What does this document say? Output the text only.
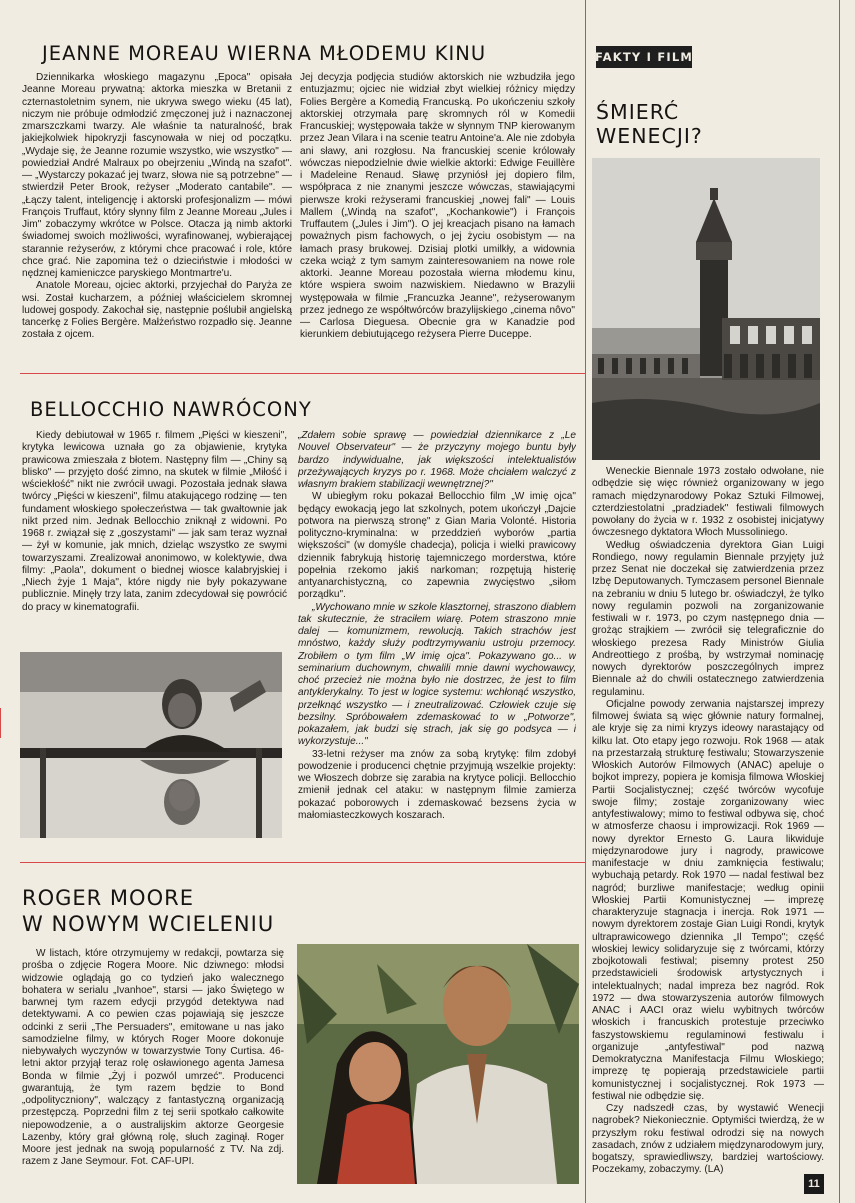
JEANNE MOREAU WIERNA MŁODEMU KINU

Dziennikarka włoskiego magazynu „Epoca" opisała Jeanne Moreau prywatną: aktorka mieszka w Bretanii z czternastoletnim synem, nie ukrywa swego wieku (45 lat), niczym nie próbuje odmłodzić zmęczonej już i naznaczonej zmarszczkami twarzy. Ale właśnie ta naturalność, brak jakiejkolwiek hipokryzji fascynowała w niej od początku. „Wydaje się, że Jeanne rozumie wszystko, wie wszystko" — powiedział André Malraux po obejrzeniu „Windą na szafot". — „Wystarczy pokazać jej twarz, słowa nie są potrzebne" — stwierdził Peter Brook, reżyser „Moderato cantabile". — „Łączy talent, inteligencję i aktorski profesjonalizm — mówi François Truffaut, który słynny film z Jeanne Moreau „Jules i Jim" zobaczymy wkrótce w Polsce. Otacza ją nimb aktorki świadomej swoich możliwości, wyrafinowanej, wybierającej starannie reżyserów, z którymi chce pracować i role, które chce grać. Nie zapomina też o dzieciństwie i młodości w nędznej kamieniczce paryskiego Montmartre'u.

Anatole Moreau, ojciec aktorki, przyjechał do Paryża ze wsi. Został kucharzem, a później właścicielem skromnej ludowej gospody. Zakochał się, następnie poślubił angielską tancerkę z Folies Bergère. Małżeństwo rozpadło się. Jeanne została z ojcem.

Jej decyzja podjęcia studiów aktorskich nie wzbudziła jego entuzjazmu; ojciec nie widział zbyt wielkiej różnicy między Folies Bergère a Komedią Francuską. Po ukończeniu szkoły aktorskiej otrzymała parę skromnych ról w Komedii Francuskiej; występowała także w słynnym TNP kierowanym przez Jean Vilara i na scenie teatru Antoine'a. Ale nie zdobyła ani sławy, ani rozgłosu. Na francuskiej scenie królowały wówczas niepodzielnie dwie wielkie aktorki: Edwige Feuillère i Madeleine Renaud. Sławę przyniósł jej dopiero film, współpraca z nie znanymi jeszcze wówczas, stawiającymi pierwsze kroki reżyserami francuskiej „nowej fali" — Louis Mallem („Windą na szafot", „Kochankowie") i François Truffautem („Jules i Jim"). O jej kreacjach pisano na łamach poważnych pism fachowych, o jej życiu osobistym — na łamach prasy brukowej. Dzisiaj plotki umilkły, a widownia czeka wciąż z tym samym zainteresowaniem na nowe role aktorki. Jeanne Moreau pozostała wierna młodemu kinu, które wspiera swoim nazwiskiem. Niedawno w Brazylii występowała w filmie „Francuzka Jeanne", reżyserowanym przez jednego ze współtwórców brazylijskiego „cinema nôvo" — Carlosa Dieguesa. Obecnie gra w Kanadzie pod kierunkiem debiutującego reżysera Pierre Duceppe.

BELLOCCHIO NAWRÓCONY

Kiedy debiutował w 1965 r. filmem „Pięści w kieszeni", krytyka lewicowa uznała go za objawienie, krytyka prawicowa zmieszała z błotem. Następny film — „Chiny są blisko" — przyjęto dość zimno, na skutek w filmie „Miłość i wściekłość" nikt nie zwrócił uwagi. Pozostała jednak sława twórcy „Pięści w kieszeni", filmu atakującego rodzinę — ten fundament włoskiego społeczeństwa — tak gwałtownie jak nikt przed nim. Jednak Bellocchio zniknął z widowni. Po 1968 r. związał się z „goszystami" — jak sam teraz wyznał — żył w komunie, jak mnich, dzieląc wszystko ze swymi towarzyszami. Zrealizował anonimowo, w kolektywie, dwa filmy: „Paola", dokument o biednej wiosce kalabryjskiej i „Niech żyje 1 Maja", które nigdy nie były pokazywane publicznie. Minęły trzy lata, zanim zdecydował się powrócić do pracy w kinematografii.

„Zdałem sobie sprawę — powiedział dziennikarce z „Le Nouvel Observateur" — że przyczyny mojego buntu były bardzo indywidualne, jak większości intelektualistów przeżywających kryzys po r. 1968. Może chciałem walczyć z własnym brakiem stabilizacji wewnętrznej?"

W ubiegłym roku pokazał Bellocchio film „W imię ojca" będący ewokacją jego lat szkolnych, potem ukończył „Dajcie potwora na pierwszą stronę" z Gian Maria Volonté. Historia polityczno-kryminalna: w przeddzień wyborów „partia większości" (w domyśle chadecja), policja i wielki prawicowy dziennik fabrykują historię tajemniczego morderstwa, które popełnia rzekomo jakiś narkoman; rozpętują histerię antyanarchistyczną, co zapewnia zwycięstwo „siłom porządku".

„Wychowano mnie w szkole klasztornej, straszono diabłem tak skutecznie, że straciłem wiarę. Potem straszono mnie dalej — komunizmem, rewolucją. Takich strachów jest mnóstwo, każdy służy podtrzymywaniu ustroju przemocy. Zrobiłem o tym film „W imię ojca". Pokazywano go... w seminarium duchownym, chwalili mnie dawni wychowawcy, choć przecież nie można było nie dostrzec, że jest to film antyklerykalny. To jest w logice systemu: wchłonąć wszystko, przełknąć wszystko — i zneutralizować. Człowiek czuje się bezsilny. Spróbowałem zdemaskować to w „Potworze", pokazałem, jak budzi się strach, jak się go podsyca — i wykorzystuje..."

33-letni reżyser ma znów za sobą krytykę: film zdobył powodzenie i producenci chętnie przyjmują wszelkie projekty: we Włoszech dobrze się zarabia na krytyce policji. Bellocchio zmienił jednak cel ataku: w następnym filmie zamierza pokazać poborowych i zdemaskować bezsens życia w małomiasteczkowych koszarach.

ROGER MOORE
W NOWYM WCIELENIU

W listach, które otrzymujemy w redakcji, powtarza się prośba o zdjęcie Rogera Moore. Nic dziwnego: młodsi widzowie oglądają go co tydzień jako walecznego bohatera w serialu „Ivanhoe", starsi — jako Świętego w barwnej tym razem edycji przygód detektywa nad detektywami. A co pewien czas pojawiają się jeszcze odcinki z serii „The Persuaders", emitowane u nas jako samodzielne filmy, w których Roger Moore dokonuje niebywałych wyczynów w towarzystwie Tony Curtisa. 46-letni aktor przyjął teraz rolę osławionego agenta Jamesa Bonda w filmie „Żyj i pozwól umrzeć". Producenci gwarantują, że tym razem będzie to Bond „odpolityczniony", walczący z fantastyczną organizacją przestępczą. Poprzedni film z tej serii spotkało całkowite niepowodzenie, a o australijskim aktorze Georgesie Lazenby, który grał główną rolę, słuch zaginął. Roger Moore jest jednak na swoją popularność z TV. Na zdj. razem z Jane Seymour. Fot. CAF-UPI.

FAKTY I FILM
ŚMIERĆ
WENECJI?

Weneckie Biennale 1973 zostało odwołane, nie odbędzie się więc również organizowany w jego ramach międzynarodowy Pokaz Sztuki Filmowej, czterdziestolatni „pradziadek" festiwali filmowych powołany do życia w r. 1932 z osobistej inicjatywy ówczesnego dyktatora Włoch Mussoliniego.

Według oświadczenia dyrektora Gian Luigi Rondiego, nowy regulamin Biennale przyjęty już przez Senat nie doczekał się zatwierdzenia przez Izbę Deputowanych. Tymczasem personel Biennale na zebraniu w dniu 5 lutego br. oświadczył, że tylko nowy regulamin pozwoli na zorganizowanie festiwali w r. 1973, po czym następnego dnia — grożąc strajkiem — zwrócił się telegraficznie do włoskiego prezesa Rady Ministrów Giulia Andreottiego z prośbą, by wstrzymał nominację nowych dyrektorów poszczególnych imprez Biennale aż do chwili ostatecznego zatwierdzenia regulaminu.

Oficjalne powody zerwania najstarszej imprezy filmowej świata są więc głównie natury formalnej, ale kryje się za nimi kryzys ideowy narastający od kilku lat. Oto etapy jego rozwoju. Rok 1968 — atak na przestarzałą strukturę festiwalu; Stowarzyszenie Włoskich Autorów Filmowych (ANAC) apeluje o bojkot imprezy, popiera je komisja filmowa Włoskiej Partii Socjalistycznej; część twórców wycofuje swoje filmy; zostaje zorganizowany wiec antyfestiwalowy; mimo to festiwal odbywa się, choć w atmosferze chaosu i improwizacji. Rok 1969 — nowy dyrektor Ernesto G. Laura likwiduje międzynarodowe jury i nagrody, prawicowe manifestacje w dniu zamknięcia festiwalu; wybuchają petardy. Rok 1970 — nadal festiwal bez nagród; burzliwe manifestacje; według opinii Włoskiej Partii Komunistycznej — imprezę charakteryzuje stagnacja i inercja. Rok 1971 — nowym dyrektorem zostaje Gian Luigi Rondi, krytyk ultraprawicowego dziennika „Il Tempo"; część włoskiej lewicy solidaryzuje się z twórcami, którzy zbojkotowali festiwal; pisemny protest 250 przedstawicieli środowisk artystycznych i intelektualnych; nadal impreza bez nagród. Rok 1972 — dwa stowarzyszenia autorów filmowych ANAC i AACI oraz wielu wybitnych twórców włoskich i francuskich protestuje przeciwko faszystowskiemu regulaminowi festiwalu i organizuje „antyfestiwal" pod nazwą Demokratyczna Manifestacja Filmu Włoskiego; imprezę tę popierają przedstawiciele partii komunistycznej i socjalistycznej. Rok 1973 — festiwal nie odbędzie się.

Czy nadszedł czas, by wystawić Wenecji nagrobek? Niekoniecznie. Optymiści twierdzą, że w przyszłym roku festiwal odrodzi się na nowych zasadach, znów z udziałem międzynarodowym jury, bogatszy, sprawiedliwszy, bardziej wartościowy. Poczekamy, zobaczymy. (LA)

11
